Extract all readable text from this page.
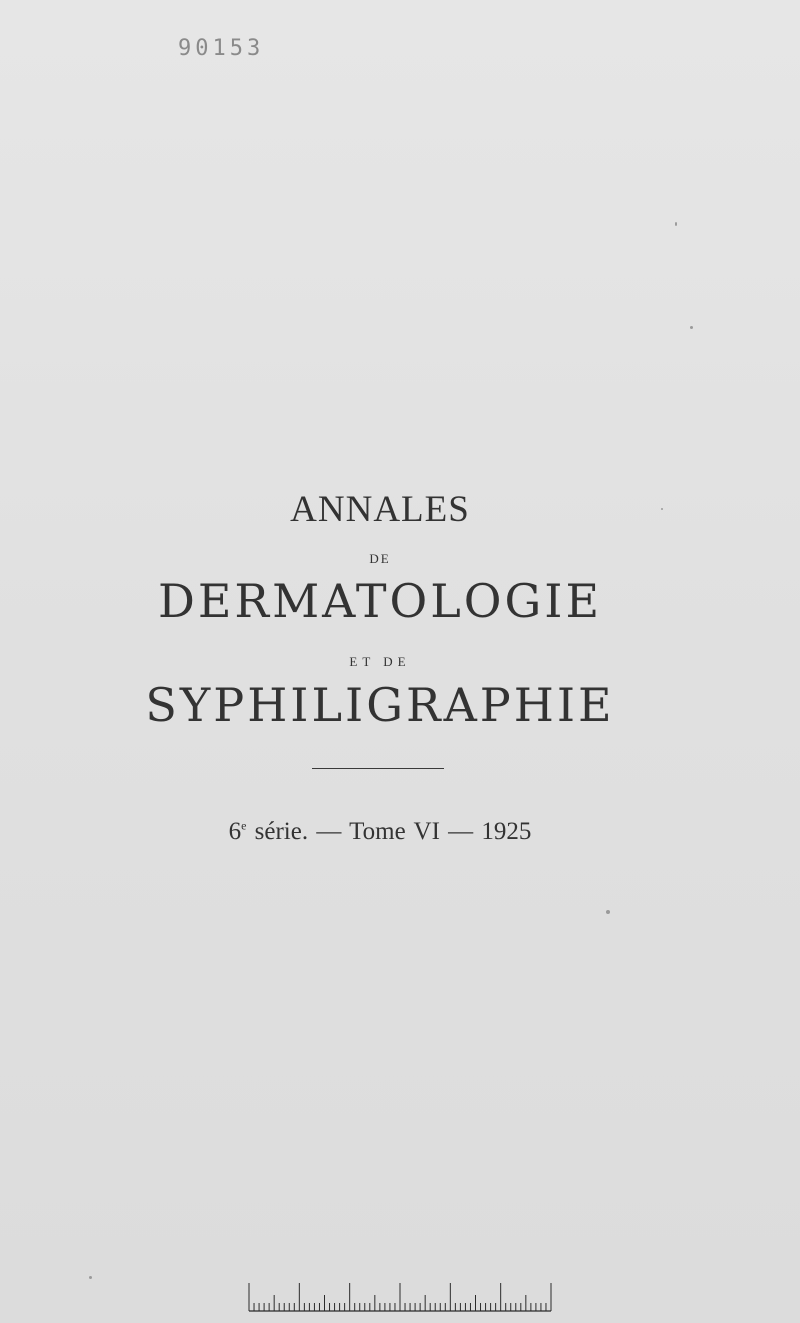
90153
ANNALES
DE
DERMATOLOGIE
ET DE
SYPHILIGRAPHIE
6e série. — Tome VI — 1925
